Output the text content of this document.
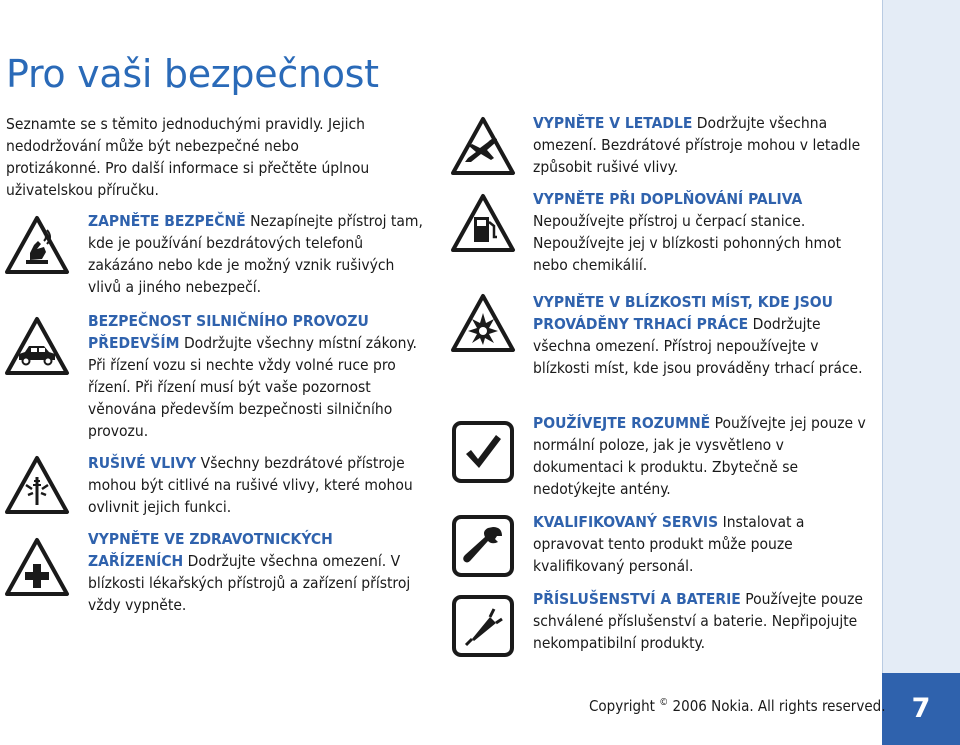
7
Pro vaši bezpečnost
Seznamte se s těmito jednoduchými pravidly. Jejich nedodržování může být nebezpečné nebo protizákonné. Pro další informace si přečtěte úplnou uživatelskou příručku.
ZAPNĚTE BEZPEČNĚ Nezapínejte přístroj tam, kde je používání bezdrátových telefonů zakázáno nebo kde je možný vznik rušivých vlivů a jiného nebezpečí.
BEZPEČNOST SILNIČNÍHO PROVOZU PŘEDEVŠÍM Dodržujte všechny místní zákony. Při řízení vozu si nechte vždy volné ruce pro řízení. Při řízení musí být vaše pozornost věnována především bezpečnosti silničního provozu.
RUŠIVÉ VLIVY Všechny bezdrátové přístroje mohou být citlivé na rušivé vlivy, které mohou ovlivnit jejich funkci.
VYPNĚTE VE ZDRAVOTNICKÝCH ZAŘÍZENÍCH Dodržujte všechna omezení. V blízkosti lékařských přístrojů a zařízení přístroj vždy vypněte.
VYPNĚTE V LETADLE Dodržujte všechna omezení. Bezdrátové přístroje mohou v letadle způsobit rušivé vlivy.
VYPNĚTE PŘI DOPLŇOVÁNÍ PALIVA Nepoužívejte přístroj u čerpací stanice. Nepoužívejte jej v blízkosti pohonných hmot nebo chemikálií.
VYPNĚTE V BLÍZKOSTI MÍST, KDE JSOU PROVÁDĚNY TRHACÍ PRÁCE Dodržujte všechna omezení. Přístroj nepoužívejte v blízkosti míst, kde jsou prováděny trhací práce.
POUŽÍVEJTE ROZUMNĚ Používejte jej pouze v normální poloze, jak je vysvětleno v dokumentaci k produktu. Zbytečně se nedotýkejte antény.
KVALIFIKOVANÝ SERVIS Instalovat a opravovat tento produkt může pouze kvalifikovaný personál.
PŘÍSLUŠENSTVÍ A BATERIE Používejte pouze schválené příslušenství a baterie. Nepřipojujte nekompatibilní produkty.
Copyright © 2006 Nokia. All rights reserved.
